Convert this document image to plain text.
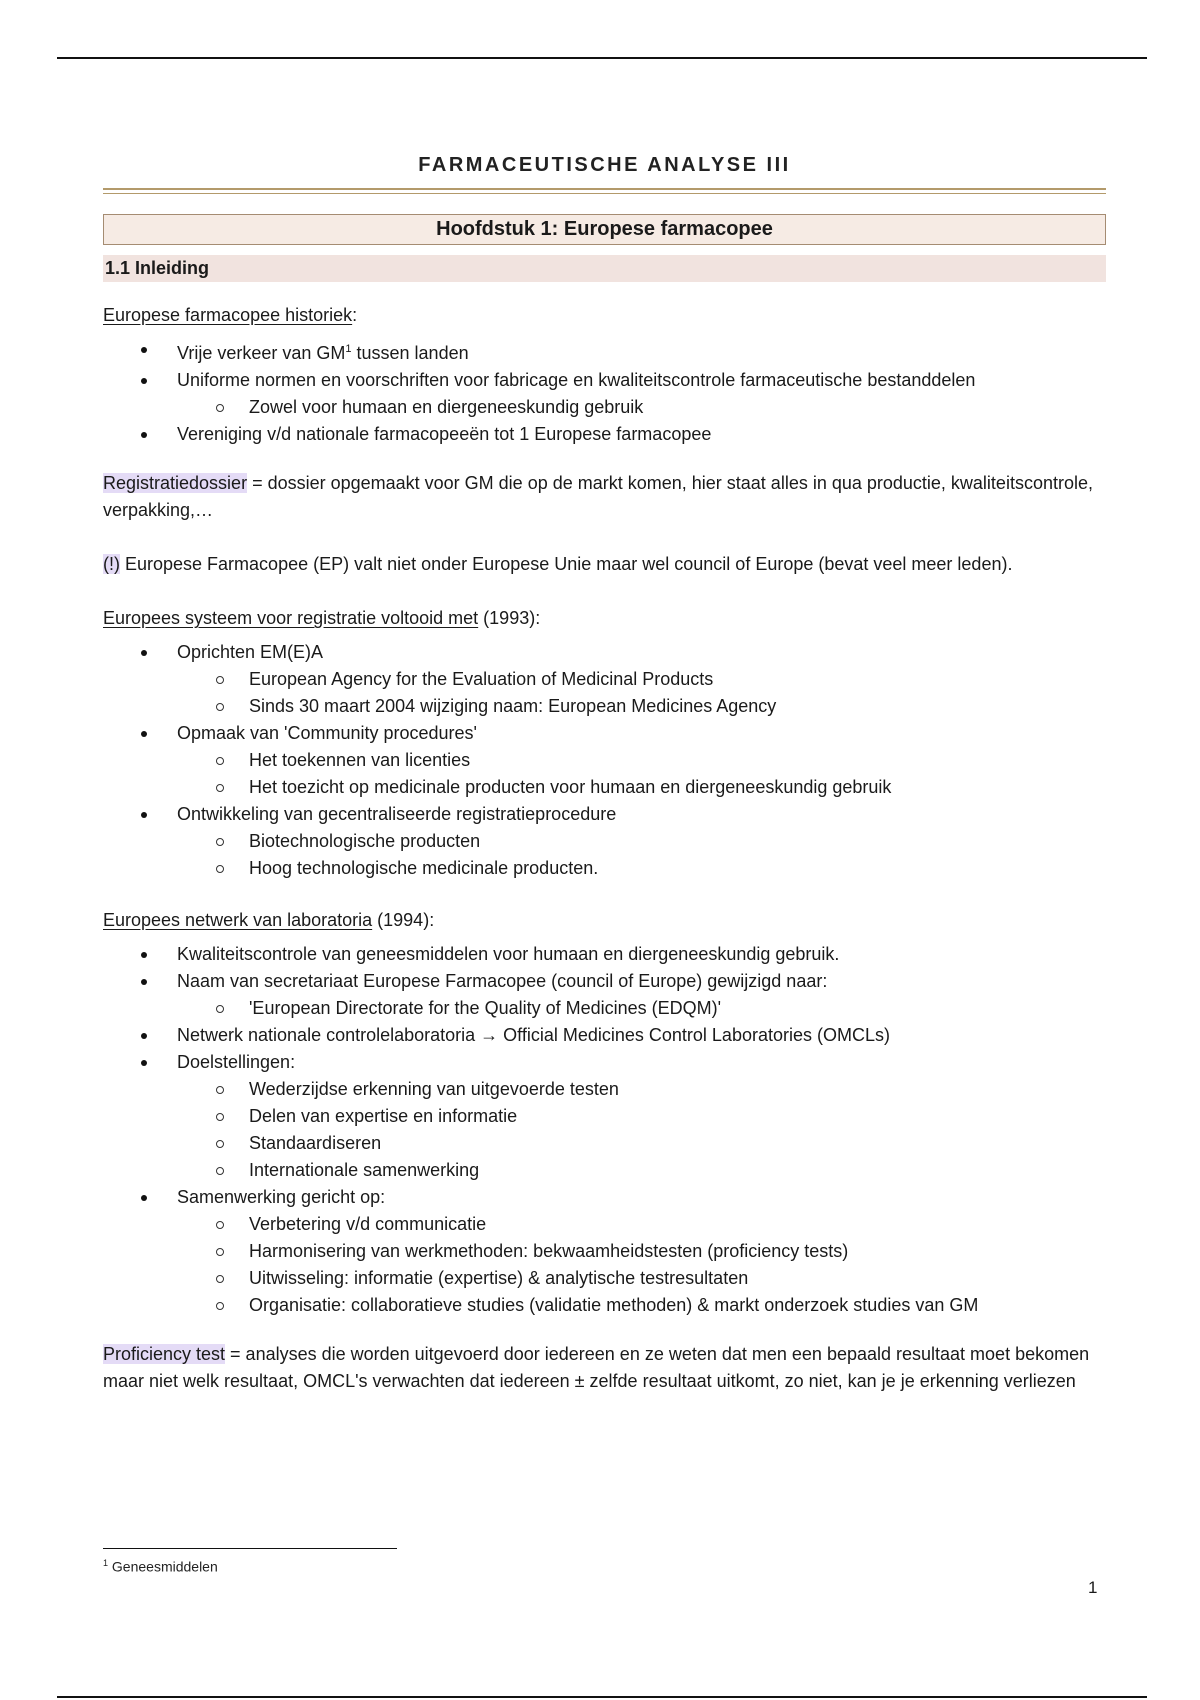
FARMACEUTISCHE ANALYSE III
Hoofdstuk 1: Europese farmacopee
1.1 Inleiding

Europese farmacopee historiek:

Vrije verkeer van $GM^1$ tussen landen
Uniforme normen en voorschriften voor fabricage en kwaliteitscontrole farmaceutische bestanddelen
Zowel voor humaan en diergeneeskundig gebruik
Vereniging v/d nationale farmacopeeën tot 1 Europese farmacopee

Registratiedossier = dossier opgemaakt voor GM die op de markt komen, hier staat alles in qua productie, kwaliteitscontrole, verpakking,…

(!) Europese Farmacopee (EP) valt niet onder Europese Unie maar wel council of Europe (bevat veel meer leden).

Europees systeem voor registratie voltooid met (1993):

Oprichten EM(E)A
European Agency for the Evaluation of Medicinal Products
Sinds 30 maart 2004 wijziging naam: European Medicines Agency
Opmaak van 'Community procedures'
Het toekennen van licenties
Het toezicht op medicinale producten voor humaan en diergeneeskundig gebruik
Ontwikkeling van gecentraliseerde registratieprocedure
Biotechnologische producten
Hoog technologische medicinale producten.

Europees netwerk van laboratoria (1994):

Kwaliteitscontrole van geneesmiddelen voor humaan en diergeneeskundig gebruik.
Naam van secretariaat Europese Farmacopee (council of Europe) gewijzigd naar:
'European Directorate for the Quality of Medicines (EDQM)'
Netwerk nationale controlelaboratoria → Official Medicines Control Laboratories (OMCLs)
Doelstellingen:
Wederzijdse erkenning van uitgevoerde testen
Delen van expertise en informatie
Standaardiseren
Internationale samenwerking
Samenwerking gericht op:
Verbetering v/d communicatie
Harmonisering van werkmethoden: bekwaamheidstesten (proficiency tests)
Uitwisseling: informatie (expertise) & analytische testresultaten
Organisatie: collaboratieve studies (validatie methoden) & markt onderzoek studies van GM

Proficiency test = analyses die worden uitgevoerd door iedereen en ze weten dat men een bepaald resultaat moet bekomen maar niet welk resultaat, OMCL's verwachten dat iedereen ± zelfde resultaat uitkomt, zo niet, kan je je erkenning verliezen

$^1$ Geneesmiddelen
1
